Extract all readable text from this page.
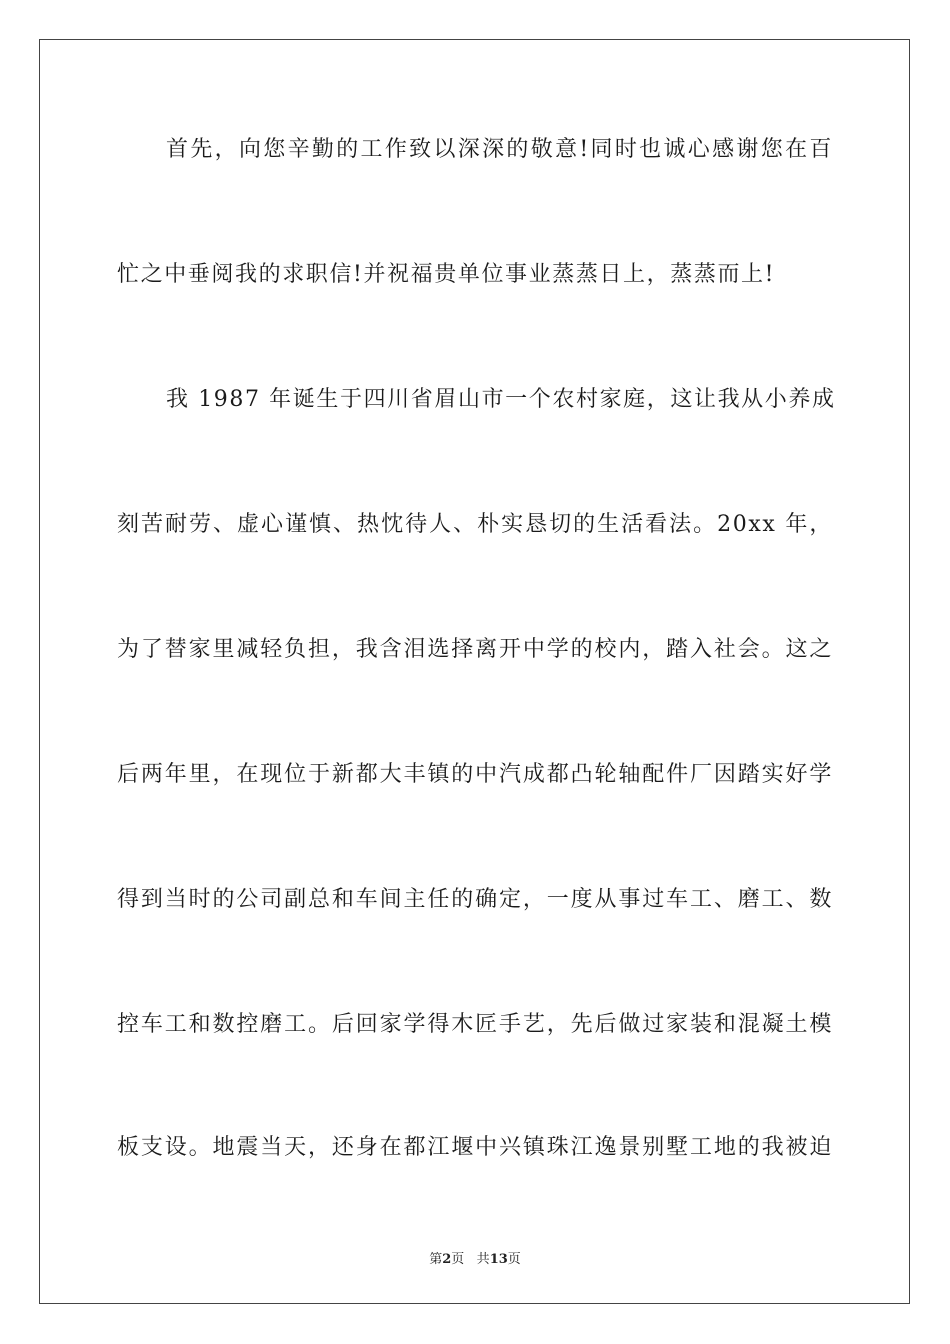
首先，向您辛勤的工作致以深深的敬意!同时也诚心感谢您在百
忙之中垂阅我的求职信!并祝福贵单位事业蒸蒸日上，蒸蒸而上!
我 1987 年诞生于四川省眉山市一个农村家庭，这让我从小养成
刻苦耐劳、虚心谨慎、热忱待人、朴实恳切的生活看法。20xx 年，
为了替家里减轻负担，我含泪选择离开中学的校内，踏入社会。这之
后两年里，在现位于新都大丰镇的中汽成都凸轮轴配件厂因踏实好学
得到当时的公司副总和车间主任的确定，一度从事过车工、磨工、数
控车工和数控磨工。后回家学得木匠手艺，先后做过家装和混凝土模
板支设。地震当天，还身在都江堰中兴镇珠江逸景别墅工地的我被迫
第2页 共13页
